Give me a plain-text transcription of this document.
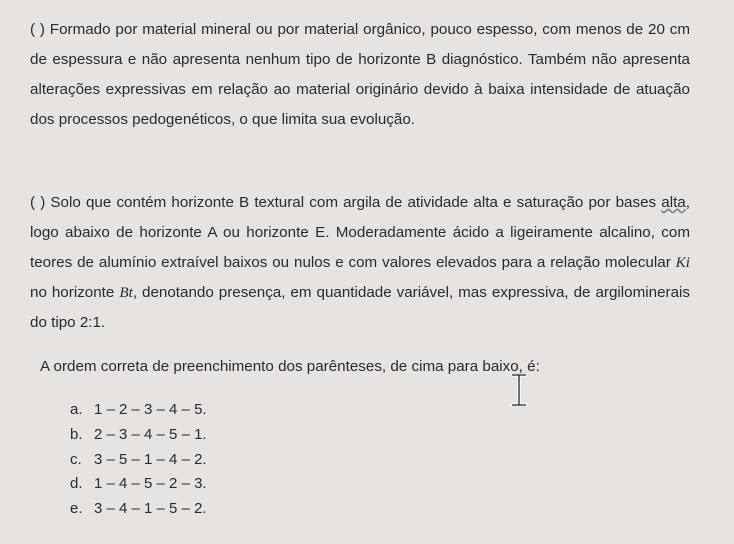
( ) Formado por material mineral ou por material orgânico, pouco espesso, com menos de 20 cm de espessura e não apresenta nenhum tipo de horizonte B diagnóstico. Também não apresenta alterações expressivas em relação ao material originário devido à baixa intensidade de atuação dos processos pedogenéticos, o que limita sua evolução.

( ) Solo que contém horizonte B textural com argila de atividade alta e saturação por bases alta, logo abaixo de horizonte A ou horizonte E. Moderadamente ácido a ligeiramente alcalino, com teores de alumínio extraível baixos ou nulos e com valores elevados para a relação molecular Ki no horizonte Bt, denotando presença, em quantidade variável, mas expressiva, de argilominerais do tipo 2:1.

A ordem correta de preenchimento dos parênteses, de cima para baixo, é:
a. 1 – 2 – 3 – 4 – 5.
b. 2 – 3 – 4 – 5 – 1.
c. 3 – 5 – 1 – 4 – 2.
d. 1 – 4 – 5 – 2 – 3.
e. 3 – 4 – 1 – 5 – 2.
